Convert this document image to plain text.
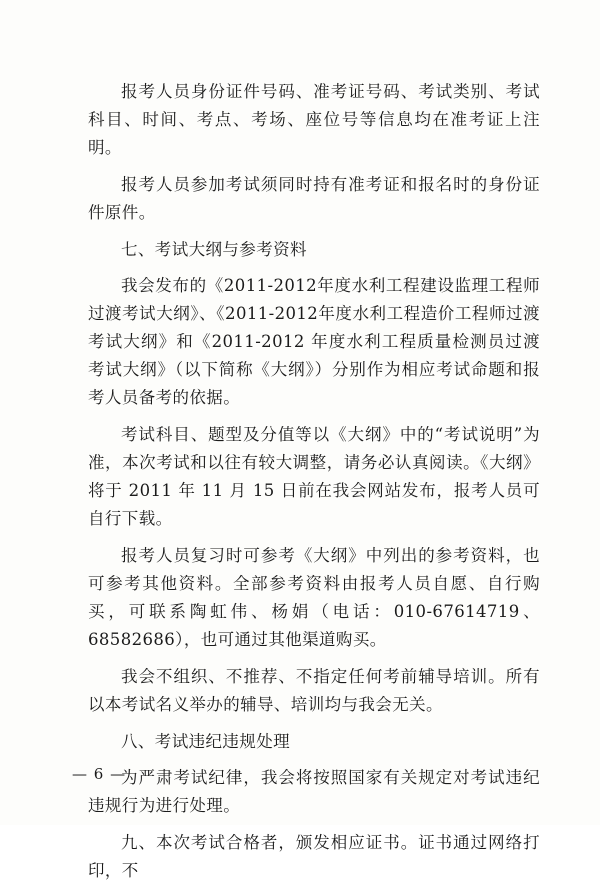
报考人员身份证件号码、准考证号码、考试类别、考试科目、时间、考点、考场、座位号等信息均在准考证上注明。

报考人员参加考试须同时持有准考证和报名时的身份证件原件。

七、考试大纲与参考资料

我会发布的《2011-2012年度水利工程建设监理工程师过渡考试大纲》、《2011-2012年度水利工程造价工程师过渡考试大纲》和《2011-2012 年度水利工程质量检测员过渡考试大纲》（以下简称《大纲》）分别作为相应考试命题和报考人员备考的依据。

考试科目、题型及分值等以《大纲》中的“考试说明”为准，本次考试和以往有较大调整，请务必认真阅读。《大纲》将于 2011 年 11 月 15 日前在我会网站发布，报考人员可自行下载。

报考人员复习时可参考《大纲》中列出的参考资料，也可参考其他资料。全部参考资料由报考人员自愿、自行购买，可联系陶虹伟、杨娟（电话：010-67614719、68582686），也可通过其他渠道购买。

我会不组织、不推荐、不指定任何考前辅导培训。所有以本考试名义举办的辅导、培训均与我会无关。

八、考试违纪违规处理

为严肃考试纪律，我会将按照国家有关规定对考试违纪违规行为进行处理。

九、本次考试合格者，颁发相应证书。证书通过网络打印，不

— 6 —
